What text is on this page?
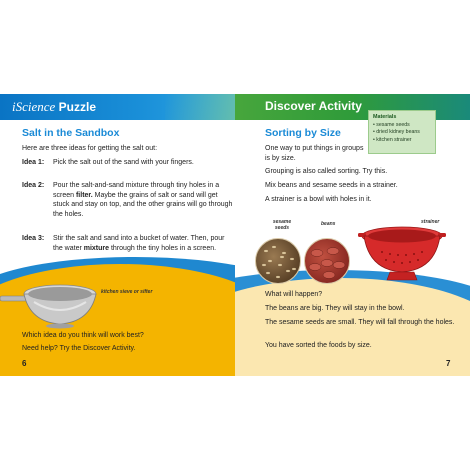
iScience Puzzle
Salt in the Sandbox
Here are three ideas for getting the salt out:
Idea 1: Pick the salt out of the sand with your fingers.
Idea 2: Pour the salt-and-sand mixture through tiny holes in a screen filter. Maybe the grains of salt or sand will get stuck and stay on top, and the other grains will go through the holes.
Idea 3: Stir the salt and sand into a bucket of water. Then, pour the water mixture through the tiny holes in a screen.
kitchen sieve or sifter
Which idea do you think will work best?
Need help? Try the Discover Activity.
6
Discover Activity
Sorting by Size
One way to put things in groups is by size.
Grouping is also called sorting. Try this.
Mix beans and sesame seeds in a strainer.
A strainer is a bowl with holes in it.
sesame seeds
beans	strainer
What will happen?
The beans are big. They will stay in the bowl.
The sesame seeds are small. They will fall through the holes.
You have sorted the foods by size.
7
Materials
• sesame seeds
• dried kidney beans
• kitchen strainer
